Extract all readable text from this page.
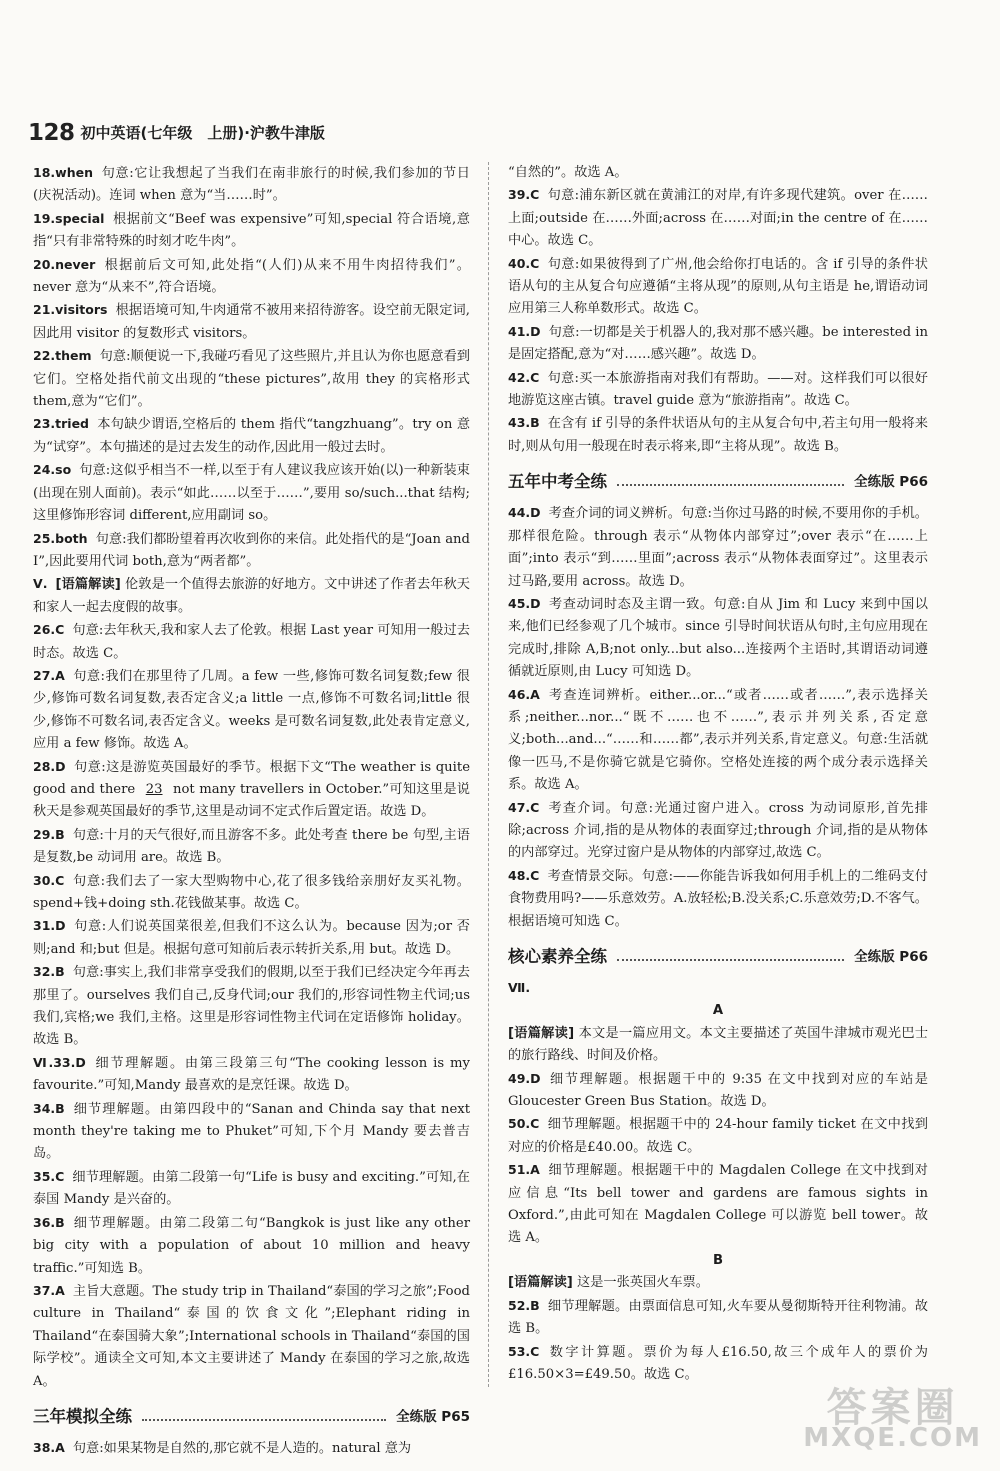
128 初中英语(七年级　上册)·沪教牛津版

18.when 句意:它让我想起了当我们在南非旅行的时候,我们参加的节日(庆祝活动)。连词 when 意为“当……时”。

19.special 根据前文“Beef was expensive”可知,special 符合语境,意指“只有非常特殊的时刻才吃牛肉”。

20.never 根据前后文可知,此处指“(人们)从来不用牛肉招待我们”。never 意为“从来不”,符合语境。

21.visitors 根据语境可知,牛肉通常不被用来招待游客。设空前无限定词,因此用 visitor 的复数形式 visitors。

22.them 句意:顺便说一下,我碰巧看见了这些照片,并且认为你也愿意看到它们。空格处指代前文出现的“these pictures”,故用 they 的宾格形式 them,意为“它们”。

23.tried 本句缺少谓语,空格后的 them 指代“tangzhuang”。try on 意为“试穿”。本句描述的是过去发生的动作,因此用一般过去时。

24.so 句意:这似乎相当不一样,以至于有人建议我应该开始(以)一种新装束(出现在别人面前)。表示“如此……以至于……”,要用 so/such...that 结构;这里修饰形容词 different,应用副词 so。

25.both 句意:我们都盼望着再次收到你的来信。此处指代的是“Joan and I”,因此要用代词 both,意为“两者都”。

Ⅴ. [语篇解读] 伦敦是一个值得去旅游的好地方。文中讲述了作者去年秋天和家人一起去度假的故事。

26.C 句意:去年秋天,我和家人去了伦敦。根据 Last year 可知用一般过去时态。故选 C。

27.A 句意:我们在那里待了几周。a few 一些,修饰可数名词复数;few 很少,修饰可数名词复数,表否定含义;a little 一点,修饰不可数名词;little 很少,修饰不可数名词,表否定含义。weeks 是可数名词复数,此处表肯定意义,应用 a few 修饰。故选 A。

28.D 句意:这是游览英国最好的季节。根据下文“The weather is quite good and there 23 not many travellers in October.”可知这里是说秋天是参观英国最好的季节,这里是动词不定式作后置定语。故选 D。

29.B 句意:十月的天气很好,而且游客不多。此处考查 there be 句型,主语是复数,be 动词用 are。故选 B。

30.C 句意:我们去了一家大型购物中心,花了很多钱给亲朋好友买礼物。spend+钱+doing sth.花钱做某事。故选 C。

31.D 句意:人们说英国菜很差,但我们不这么认为。because 因为;or 否则;and 和;but 但是。根据句意可知前后表示转折关系,用 but。故选 D。

32.B 句意:事实上,我们非常享受我们的假期,以至于我们已经决定今年再去那里了。ourselves 我们自己,反身代词;our 我们的,形容词性物主代词;us 我们,宾格;we 我们,主格。这里是形容词性物主代词在定语修饰 holiday。故选 B。

Ⅵ.33.D 细节理解题。由第三段第三句“The cooking lesson is my favourite.”可知,Mandy 最喜欢的是烹饪课。故选 D。

34.B 细节理解题。由第四段中的“Sanan and Chinda say that next month they're taking me to Phuket”可知,下个月 Mandy 要去普吉岛。

35.C 细节理解题。由第二段第一句“Life is busy and exciting.”可知,在泰国 Mandy 是兴奋的。

36.B 细节理解题。由第二段第二句“Bangkok is just like any other big city with a population of about 10 million and heavy traffic.”可知选 B。

37.A 主旨大意题。The study trip in Thailand“泰国的学习之旅”;Food culture in Thailand“泰国的饮食文化”;Elephant riding in Thailand“在泰国骑大象”;International schools in Thailand“泰国的国际学校”。通读全文可知,本文主要讲述了 Mandy 在泰国的学习之旅,故选 A。

三年模拟全练	全练版 P65

38.A 句意:如果某物是自然的,那它就不是人造的。natural 意为

“自然的”。故选 A。

39.C 句意:浦东新区就在黄浦江的对岸,有许多现代建筑。over 在……上面;outside 在……外面;across 在……对面;in the centre of 在……中心。故选 C。

40.C 句意:如果彼得到了广州,他会给你打电话的。含 if 引导的条件状语从句的主从复合句应遵循“主将从现”的原则,从句主语是 he,谓语动词应用第三人称单数形式。故选 C。

41.D 句意:一切都是关于机器人的,我对那不感兴趣。be interested in 是固定搭配,意为“对……感兴趣”。故选 D。

42.C 句意:买一本旅游指南对我们有帮助。——对。这样我们可以很好地游览这座古镇。travel guide 意为“旅游指南”。故选 C。

43.B 在含有 if 引导的条件状语从句的主从复合句中,若主句用一般将来时,则从句用一般现在时表示将来,即“主将从现”。故选 B。

五年中考全练	全练版 P66

44.D 考查介词的词义辨析。句意:当你过马路的时候,不要用你的手机。那样很危险。through 表示“从物体内部穿过”;over 表示“在……上面”;into 表示“到……里面”;across 表示“从物体表面穿过”。这里表示过马路,要用 across。故选 D。

45.D 考查动词时态及主谓一致。句意:自从 Jim 和 Lucy 来到中国以来,他们已经参观了几个城市。since 引导时间状语从句时,主句应用现在完成时,排除 A,B;not only...but also...连接两个主语时,其谓语动词遵循就近原则,由 Lucy 可知选 D。

46.A 考查连词辨析。either...or...“或者……或者……”,表示选择关系;neither...nor...“既不……也不……”,表示并列关系,否定意义;both...and...“……和……都”,表示并列关系,肯定意义。句意:生活就像一匹马,不是你骑它就是它骑你。空格处连接的两个成分表示选择关系。故选 A。

47.C 考查介词。句意:光通过窗户进入。cross 为动词原形,首先排除;across 介词,指的是从物体的表面穿过;through 介词,指的是从物体的内部穿过。光穿过窗户是从物体的内部穿过,故选 C。

48.C 考查情景交际。句意:——你能告诉我如何用手机上的二维码支付食物费用吗?——乐意效劳。A.放轻松;B.没关系;C.乐意效劳;D.不客气。根据语境可知选 C。

核心素养全练	全练版 P66

Ⅶ.

A

[语篇解读] 本文是一篇应用文。本文主要描述了英国牛津城市观光巴士的旅行路线、时间及价格。

49.D 细节理解题。根据题干中的 9:35 在文中找到对应的车站是 Gloucester Green Bus Station。故选 D。

50.C 细节理解题。根据题干中的 24-hour family ticket 在文中找到对应的价格是£40.00。故选 C。

51.A 细节理解题。根据题干中的 Magdalen College 在文中找到对应信息“Its bell tower and gardens are famous sights in Oxford.”,由此可知在 Magdalen College 可以游览 bell tower。故选 A。

B

[语篇解读] 这是一张英国火车票。

52.B 细节理解题。由票面信息可知,火车要从曼彻斯特开往利物浦。故选 B。

53.C 数字计算题。票价为每人£16.50,故三个成年人的票价为£16.50×3=£49.50。故选 C。

答案圈
MXQE.COM
